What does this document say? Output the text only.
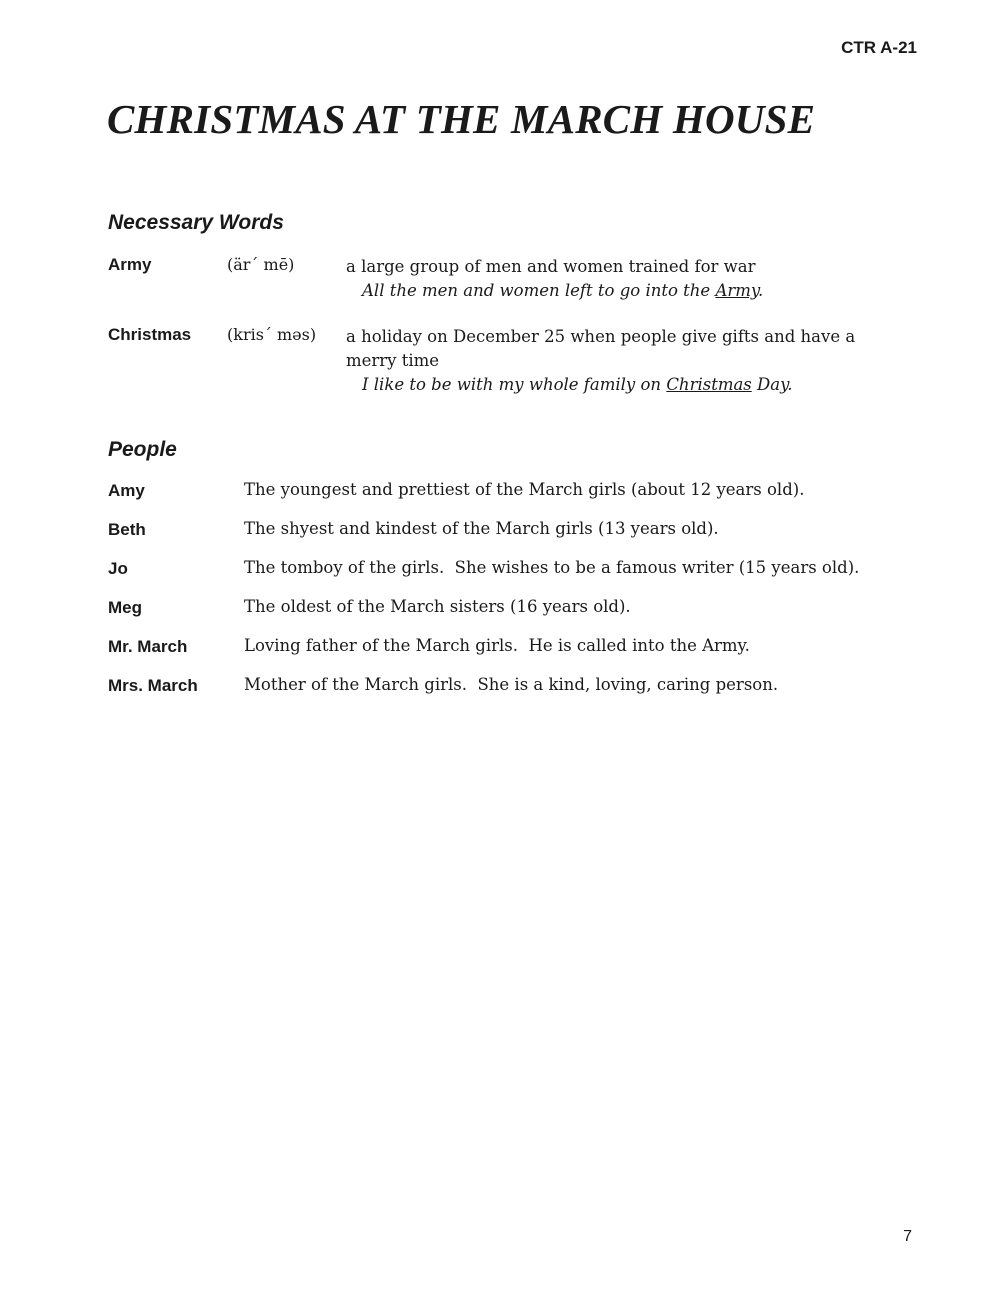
CTR A-21
CHRISTMAS AT THE MARCH HOUSE
Necessary Words
Army	(är´ mē)	a large group of men and women trained for war
All the men and women left to go into the Army.
Christmas (kris´ məs) a holiday on December 25 when people give gifts and have a merry time
I like to be with my whole family on Christmas Day.
People
Amy	The youngest and prettiest of the March girls (about 12 years old).
Beth	The shyest and kindest of the March girls (13 years old).
Jo	The tomboy of the girls.  She wishes to be a famous writer (15 years old).
Meg	The oldest of the March sisters (16 years old).
Mr. March	Loving father of the March girls.  He is called into the Army.
Mrs. March	Mother of the March girls.  She is a kind, loving, caring person.
7
